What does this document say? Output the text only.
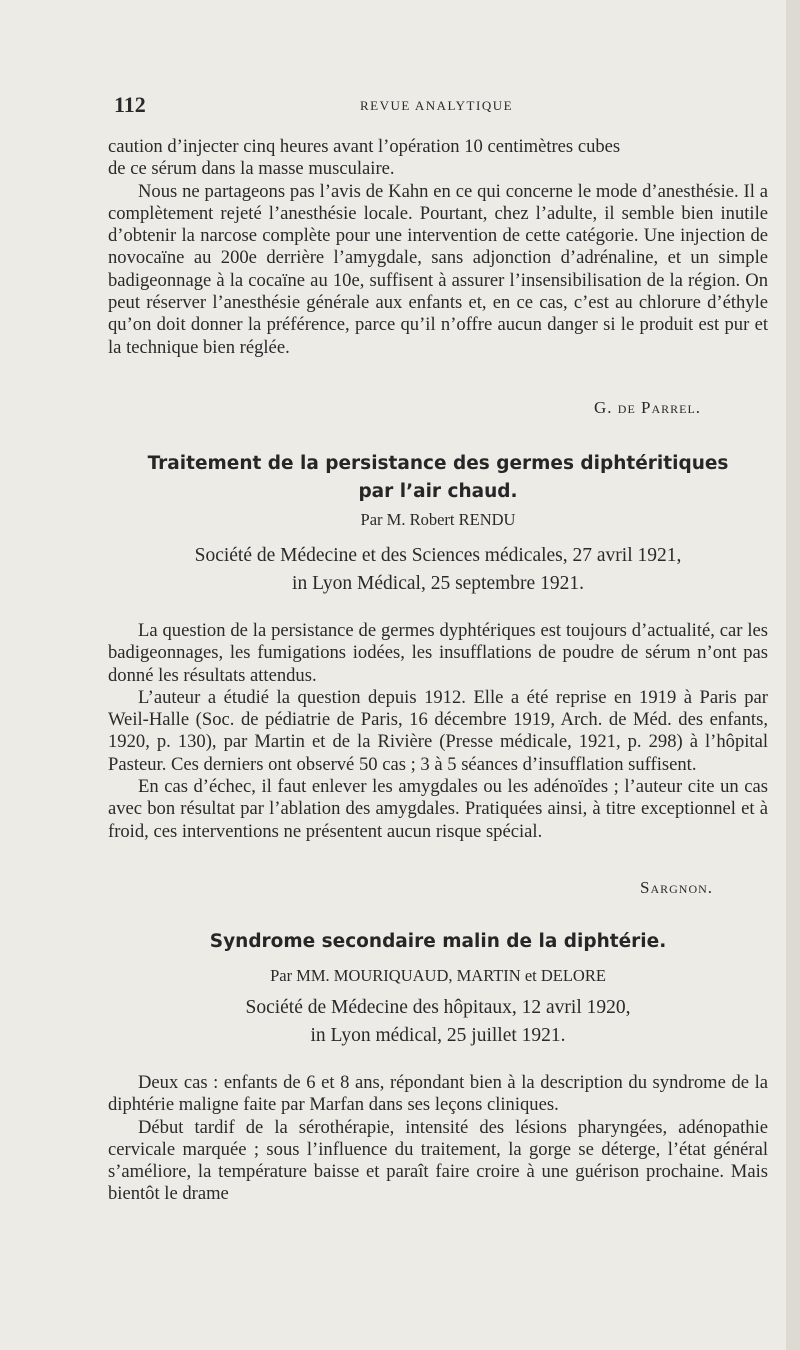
112	REVUE ANALYTIQUE

caution d’injecter cinq heures avant l’opération 10 centimètres cubes

de ce sérum dans la masse musculaire.

Nous ne partageons pas l’avis de Kahn en ce qui concerne le mode d’anesthésie. Il a complètement rejeté l’anesthésie locale. Pourtant, chez l’adulte, il semble bien inutile d’obtenir la narcose complète pour une intervention de cette catégorie. Une injection de novocaïne au 200e derrière l’amygdale, sans adjonction d’adrénaline, et un simple badigeonnage à la cocaïne au 10e, suffisent à assurer l’insensibilisation de la région. On peut réserver l’anesthésie générale aux enfants et, en ce cas, c’est au chlorure d’éthyle qu’on doit donner la préférence, parce qu’il n’offre aucun danger si le produit est pur et la technique bien réglée.

G. de Parrel.
Traitement de la persistance des germes diphtéritiques
par l’air chaud.
Par M. Robert RENDU
Société de Médecine et des Sciences médicales, 27 avril 1921,
in Lyon Médical, 25 septembre 1921.

La question de la persistance de germes dyphtériques est toujours d’actualité, car les badigeonnages, les fumigations iodées, les insufflations de poudre de sérum n’ont pas donné les résultats attendus.

L’auteur a étudié la question depuis 1912. Elle a été reprise en 1919 à Paris par Weil-Halle (Soc. de pédiatrie de Paris, 16 décembre 1919, Arch. de Méd. des enfants, 1920, p. 130), par Martin et de la Rivière (Presse médicale, 1921, p. 298) à l’hôpital Pasteur. Ces derniers ont observé 50 cas ; 3 à 5 séances d’insufflation suffisent.

En cas d’échec, il faut enlever les amygdales ou les adénoïdes ; l’auteur cite un cas avec bon résultat par l’ablation des amygdales. Pratiquées ainsi, à titre exceptionnel et à froid, ces interventions ne présentent aucun risque spécial.

Sargnon.
Syndrome secondaire malin de la diphtérie.
Par MM. MOURIQUAUD, MARTIN et DELORE
Société de Médecine des hôpitaux, 12 avril 1920,
in Lyon médical, 25 juillet 1921.

Deux cas : enfants de 6 et 8 ans, répondant bien à la description du syndrome de la diphtérie maligne faite par Marfan dans ses leçons cliniques.

Début tardif de la sérothérapie, intensité des lésions pharyngées, adénopathie cervicale marquée ; sous l’influence du traitement, la gorge se déterge, l’état général s’améliore, la température baisse et paraît faire croire à une guérison prochaine. Mais bientôt le drame
